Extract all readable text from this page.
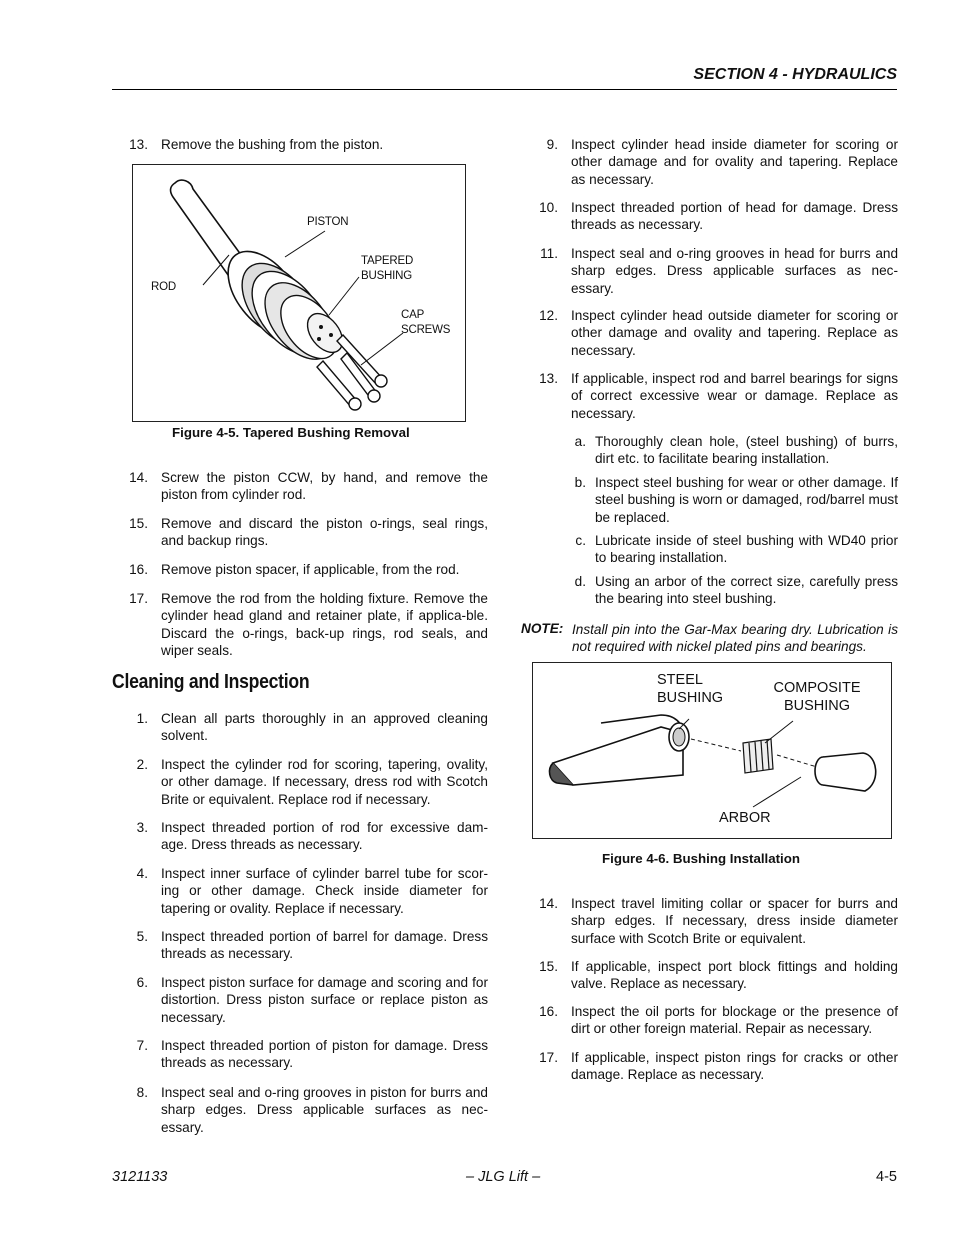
SECTION 4 - HYDRAULICS
13. Remove the bushing from the piston.
PISTON
TAPERED
BUSHING
ROD
CAP
SCREWS
Figure 4-5. Tapered Bushing Removal
14. Screw the piston CCW, by hand, and remove the piston from cylinder rod.
15. Remove and discard the piston o-rings, seal rings, and backup rings.
16. Remove piston spacer, if applicable, from the rod.
17. Remove the rod from the holding fixture. Remove the cylinder head gland and retainer plate, if applica-ble. Discard the o-rings, back-up rings, rod seals, and wiper seals.
Cleaning and Inspection
1. Clean all parts thoroughly in an approved cleaning solvent.
2. Inspect the cylinder rod for scoring, tapering, ovality, or other damage. If necessary, dress rod with Scotch Brite or equivalent. Replace rod if necessary.
3. Inspect threaded portion of rod for excessive dam-age. Dress threads as necessary.
4. Inspect inner surface of cylinder barrel tube for scor-ing or other damage. Check inside diameter for tapering or ovality. Replace if necessary.
5. Inspect threaded portion of barrel for damage. Dress threads as necessary.
6. Inspect piston surface for damage and scoring and for distortion. Dress piston surface or replace piston as necessary.
7. Inspect threaded portion of piston for damage. Dress threads as necessary.
8. Inspect seal and o-ring grooves in piston for burrs and sharp edges. Dress applicable surfaces as nec-essary.
9. Inspect cylinder head inside diameter for scoring or other damage and for ovality and tapering. Replace as necessary.
10. Inspect threaded portion of head for damage. Dress threads as necessary.
11. Inspect seal and o-ring grooves in head for burrs and sharp edges. Dress applicable surfaces as nec-essary.
12. Inspect cylinder head outside diameter for scoring or other damage and ovality and tapering. Replace as necessary.
13. If applicable, inspect rod and barrel bearings for signs of correct excessive wear or damage. Replace as necessary.
a. Thoroughly clean hole, (steel bushing) of burrs, dirt etc. to facilitate bearing installation.
b. Inspect steel bushing for wear or other damage. If steel bushing is worn or damaged, rod/barrel must be replaced.
c. Lubricate inside of steel bushing with WD40 prior to bearing installation.
d. Using an arbor of the correct size, carefully press the bearing into steel bushing.
NOTE: Install pin into the Gar-Max bearing dry. Lubrication is not required with nickel plated pins and bearings.
STEEL
BUSHING
COMPOSITE
BUSHING
ARBOR
Figure 4-6. Bushing Installation
14. Inspect travel limiting collar or spacer for burrs and sharp edges. If necessary, dress inside diameter surface with Scotch Brite or equivalent.
15. If applicable, inspect port block fittings and holding valve. Replace as necessary.
16. Inspect the oil ports for blockage or the presence of dirt or other foreign material. Repair as necessary.
17. If applicable, inspect piston rings for cracks or other damage. Replace as necessary.
3121133	– JLG Lift –	4-5
